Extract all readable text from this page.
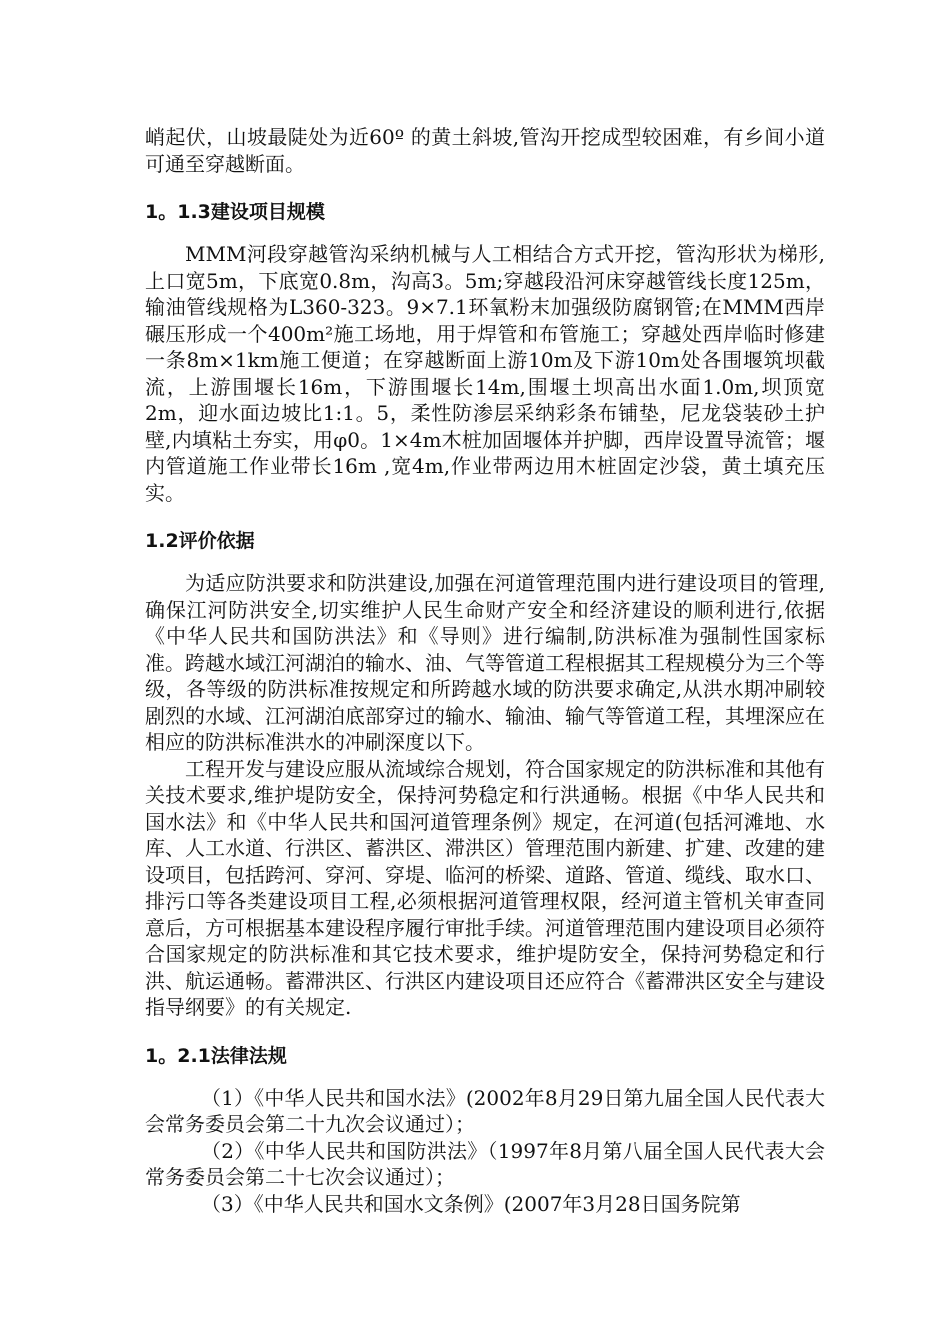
峭起伏，山坡最陡处为近60º 的黄土斜坡,管沟开挖成型较困难，有乡间小道可通至穿越断面。

1。1.3建设项目规模

MMM河段穿越管沟采纳机械与人工相结合方式开挖，管沟形状为梯形,上口宽5m，下底宽0.8m，沟高3。5m;穿越段沿河床穿越管线长度125m，输油管线规格为L360-323。9×7.1环氧粉末加强级防腐钢管;在MMM西岸碾压形成一个400m²施工场地，用于焊管和布管施工；穿越处西岸临时修建一条8m×1km施工便道；在穿越断面上游10m及下游10m处各围堰筑坝截流，上游围堰长16m，下游围堰长14m,围堰土坝高出水面1.0m,坝顶宽2m，迎水面边坡比1:1。5，柔性防渗层采纳彩条布铺垫，尼龙袋装砂土护壁,内填粘土夯实，用φ0。1×4m木桩加固堰体并护脚，西岸设置导流管；堰内管道施工作业带长16m ,宽4m,作业带两边用木桩固定沙袋，黄土填充压实。

1.2评价依据

为适应防洪要求和防洪建设,加强在河道管理范围内进行建设项目的管理,确保江河防洪安全,切实维护人民生命财产安全和经济建设的顺利进行,依据《中华人民共和国防洪法》和《导则》进行编制,防洪标准为强制性国家标准。跨越水域江河湖泊的输水、油、气等管道工程根据其工程规模分为三个等级，各等级的防洪标准按规定和所跨越水域的防洪要求确定,从洪水期冲刷较剧烈的水域、江河湖泊底部穿过的输水、输油、输气等管道工程，其埋深应在相应的防洪标准洪水的冲刷深度以下。

工程开发与建设应服从流域综合规划，符合国家规定的防洪标准和其他有关技术要求,维护堤防安全，保持河势稳定和行洪通畅。根据《中华人民共和国水法》和《中华人民共和国河道管理条例》规定，在河道(包括河滩地、水库、人工水道、行洪区、蓄洪区、滞洪区）管理范围内新建、扩建、改建的建设项目，包括跨河、穿河、穿堤、临河的桥梁、道路、管道、缆线、取水口、排污口等各类建设项目工程,必须根据河道管理权限，经河道主管机关审查同意后，方可根据基本建设程序履行审批手续。河道管理范围内建设项目必须符合国家规定的防洪标准和其它技术要求，维护堤防安全，保持河势稳定和行洪、航运通畅。蓄滞洪区、行洪区内建设项目还应符合《蓄滞洪区安全与建设指导纲要》的有关规定.

1。2.1法律法规

（1）《中华人民共和国水法》(2002年8月29日第九届全国人民代表大会常务委员会第二十九次会议通过）；

（2）《中华人民共和国防洪法》（1997年8月第八届全国人民代表大会常务委员会第二十七次会议通过）；

（3）《中华人民共和国水文条例》(2007年3月28日国务院第
